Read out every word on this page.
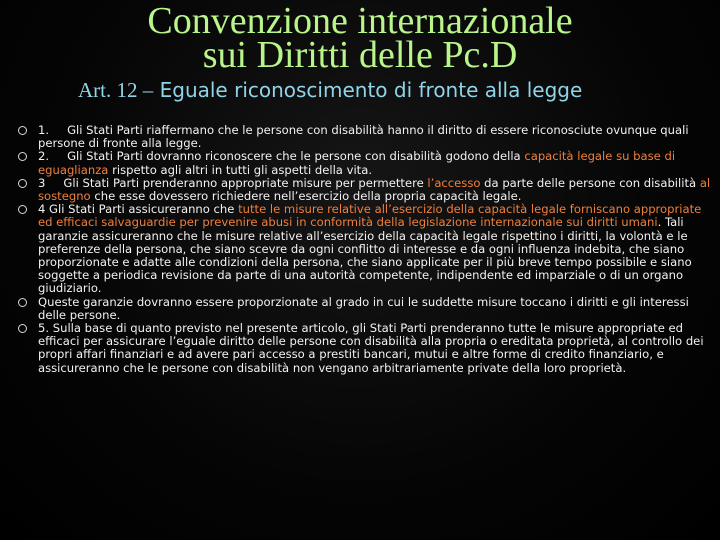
Convenzione internazionale
sui Diritti delle Pc.D
Art. 12 – Eguale riconoscimento di fronte alla legge
1. Gli Stati Parti riaffermano che le persone con disabilità hanno il diritto di essere riconosciute ovunque quali persone di fronte alla legge.
2. Gli Stati Parti dovranno riconoscere che le persone con disabilità godono della capacità legale su base di eguaglianza rispetto agli altri in tutti gli aspetti della vita.
3 Gli Stati Parti prenderanno appropriate misure per permettere l’accesso da parte delle persone con disabilità al sostegno che esse dovessero richiedere nell’esercizio della propria capacità legale.
4 Gli Stati Parti assicureranno che tutte le misure relative all’esercizio della capacità legale forniscano appropriate ed efficaci salvaguardie per prevenire abusi in conformità della legislazione internazionale sui diritti umani. Tali garanzie assicureranno che le misure relative all’esercizio della capacità legale rispettino i diritti, la volontà e le preferenze della persona, che siano scevre da ogni conflitto di interesse e da ogni influenza indebita, che siano proporzionate e adatte alle condizioni della persona, che siano applicate per il più breve tempo possibile e siano soggette a periodica revisione da parte di una autorità competente, indipendente ed imparziale o di un organo giudiziario.
Queste garanzie dovranno essere proporzionate al grado in cui le suddette misure toccano i diritti e gli interessi delle persone.
5. Sulla base di quanto previsto nel presente articolo, gli Stati Parti prenderanno tutte le misure appropriate ed efficaci per assicurare l’eguale diritto delle persone con disabilità alla propria o ereditata proprietà, al controllo dei propri affari finanziari e ad avere pari accesso a prestiti bancari, mutui e altre forme di credito finanziario, e assicureranno che le persone con disabilità non vengano arbitrariamente private della loro proprietà.
